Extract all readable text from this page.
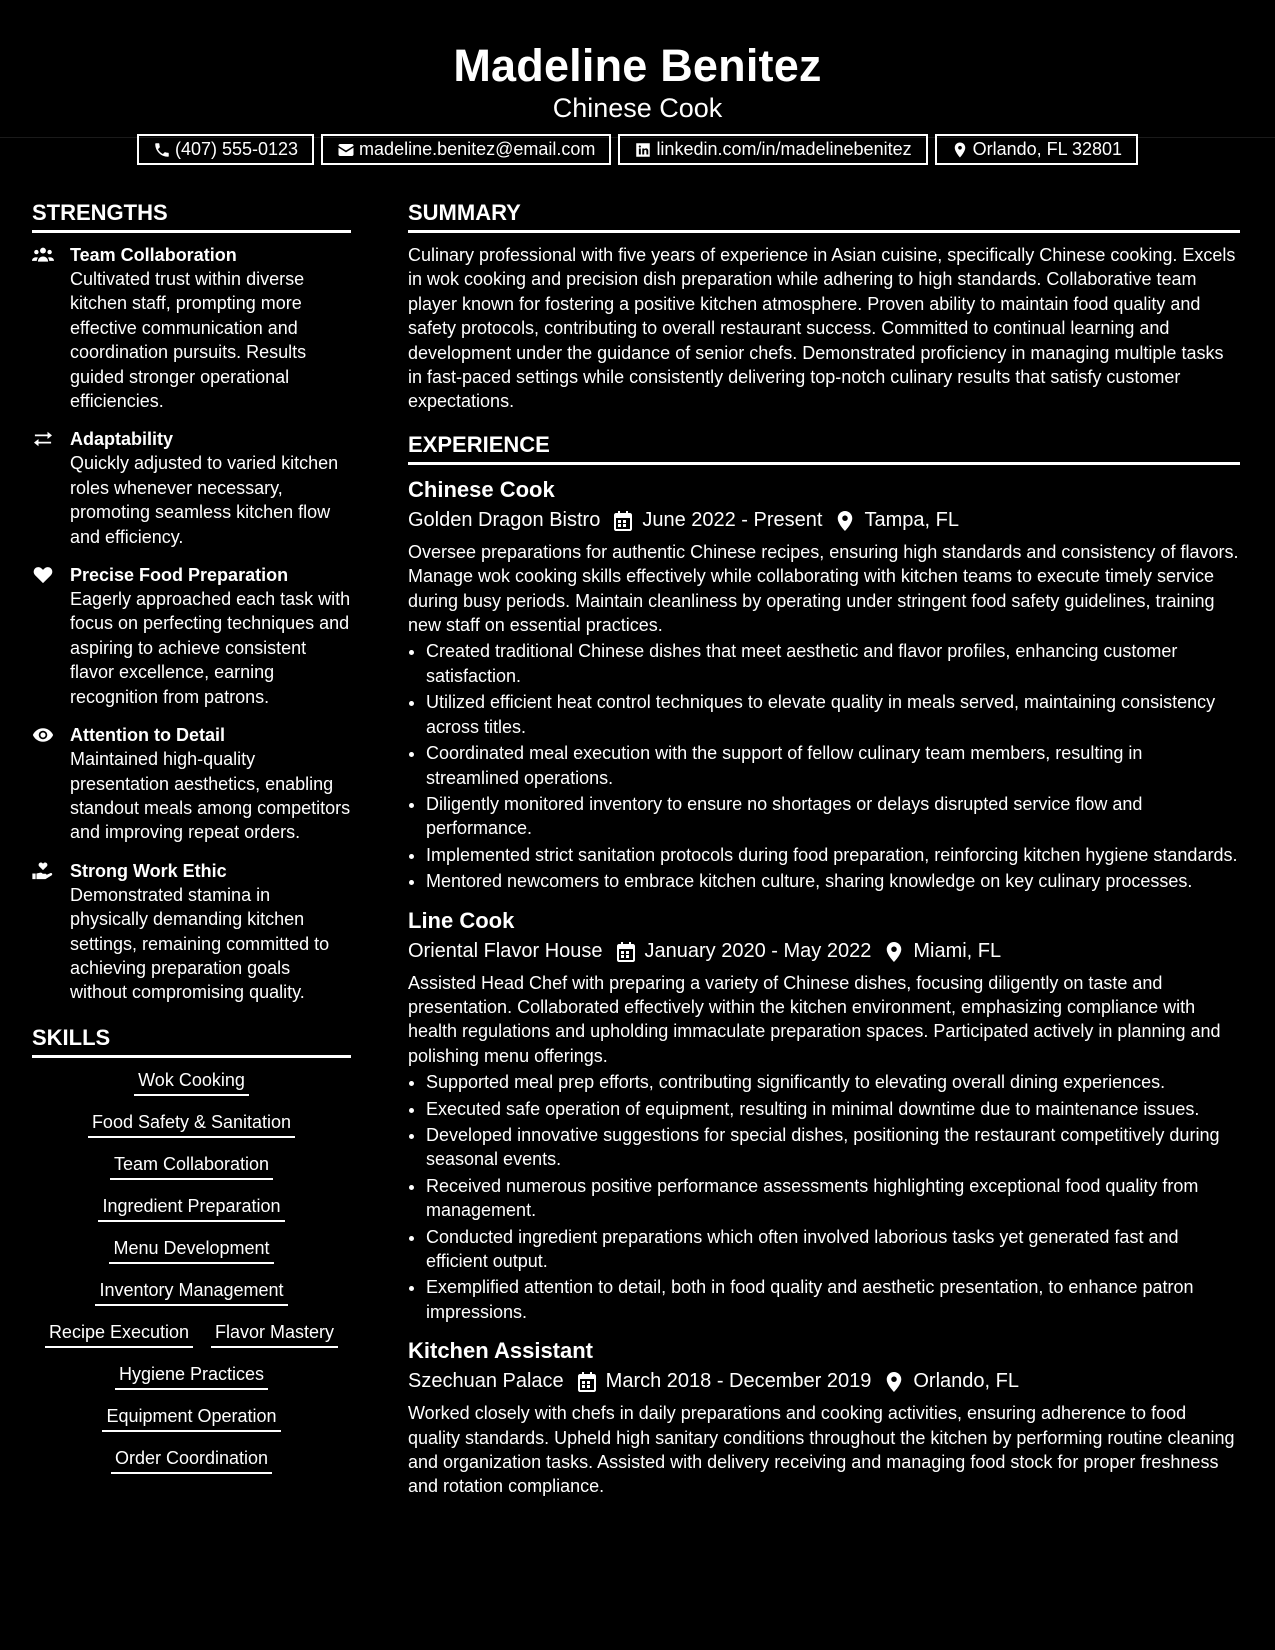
Madeline Benitez
Chinese Cook
(407) 555-0123	madeline.benitez@email.com	linkedin.com/in/madelinebenitez	Orlando, FL 32801
STRENGTHS
Team Collaboration
Cultivated trust within diverse kitchen staff, prompting more effective communication and coordination pursuits. Results guided stronger operational efficiencies.
Adaptability
Quickly adjusted to varied kitchen roles whenever necessary, promoting seamless kitchen flow and efficiency.
Precise Food Preparation
Eagerly approached each task with focus on perfecting techniques and aspiring to achieve consistent flavor excellence, earning recognition from patrons.
Attention to Detail
Maintained high-quality presentation aesthetics, enabling standout meals among competitors and improving repeat orders.
Strong Work Ethic
Demonstrated stamina in physically demanding kitchen settings, remaining committed to achieving preparation goals without compromising quality.
SKILLS
Wok Cooking
Food Safety & Sanitation
Team Collaboration
Ingredient Preparation
Menu Development
Inventory Management
Recipe Execution Flavor Mastery
Hygiene Practices
Equipment Operation
Order Coordination
SUMMARY
Culinary professional with five years of experience in Asian cuisine, specifically Chinese cooking. Excels in wok cooking and precision dish preparation while adhering to high standards. Collaborative team player known for fostering a positive kitchen atmosphere. Proven ability to maintain food quality and safety protocols, contributing to overall restaurant success. Committed to continual learning and development under the guidance of senior chefs. Demonstrated proficiency in managing multiple tasks in fast-paced settings while consistently delivering top-notch culinary results that satisfy customer expectations.
EXPERIENCE
Chinese Cook
Golden Dragon Bistro June 2022 - Present Tampa, FL
Oversee preparations for authentic Chinese recipes, ensuring high standards and consistency of flavors. Manage wok cooking skills effectively while collaborating with kitchen teams to execute timely service during busy periods. Maintain cleanliness by operating under stringent food safety guidelines, training new staff on essential practices.
• Created traditional Chinese dishes that meet aesthetic and flavor profiles, enhancing customer satisfaction.
• Utilized efficient heat control techniques to elevate quality in meals served, maintaining consistency across titles.
• Coordinated meal execution with the support of fellow culinary team members, resulting in streamlined operations.
• Diligently monitored inventory to ensure no shortages or delays disrupted service flow and performance.
• Implemented strict sanitation protocols during food preparation, reinforcing kitchen hygiene standards.
• Mentored newcomers to embrace kitchen culture, sharing knowledge on key culinary processes.
Line Cook
Oriental Flavor House January 2020 - May 2022 Miami, FL
Assisted Head Chef with preparing a variety of Chinese dishes, focusing diligently on taste and presentation. Collaborated effectively within the kitchen environment, emphasizing compliance with health regulations and upholding immaculate preparation spaces. Participated actively in planning and polishing menu offerings.
• Supported meal prep efforts, contributing significantly to elevating overall dining experiences.
• Executed safe operation of equipment, resulting in minimal downtime due to maintenance issues.
• Developed innovative suggestions for special dishes, positioning the restaurant competitively during seasonal events.
• Received numerous positive performance assessments highlighting exceptional food quality from management.
• Conducted ingredient preparations which often involved laborious tasks yet generated fast and efficient output.
• Exemplified attention to detail, both in food quality and aesthetic presentation, to enhance patron impressions.
Kitchen Assistant
Szechuan Palace March 2018 - December 2019 Orlando, FL
Worked closely with chefs in daily preparations and cooking activities, ensuring adherence to food quality standards. Upheld high sanitary conditions throughout the kitchen by performing routine cleaning and organization tasks. Assisted with delivery receiving and managing food stock for proper freshness and rotation compliance.
